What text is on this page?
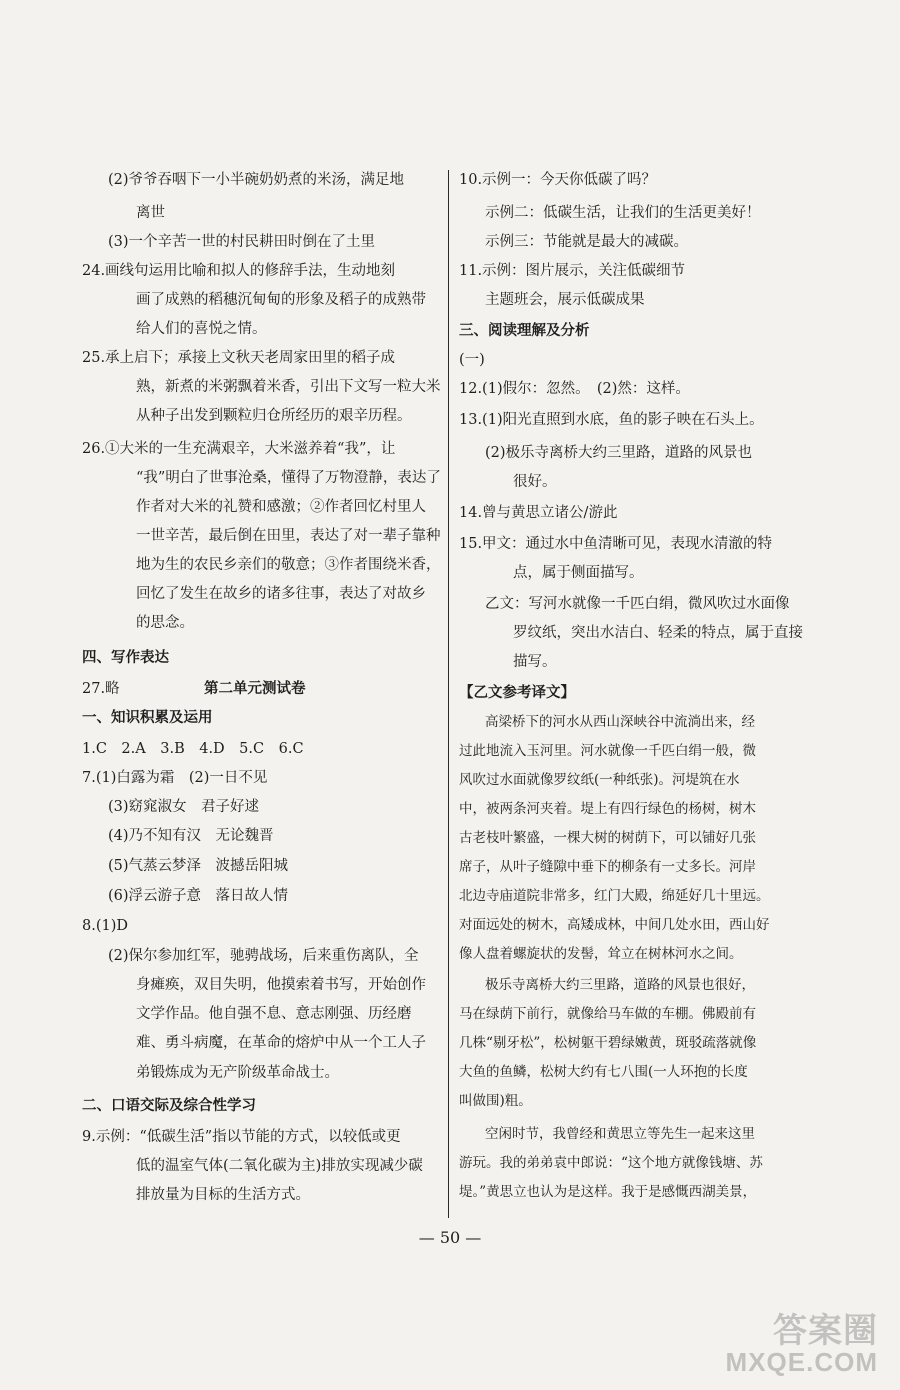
(2)爷爷吞咽下一小半碗奶奶煮的米汤，满足地
离世
(3)一个辛苦一世的村民耕田时倒在了土里
24.画线句运用比喻和拟人的修辞手法，生动地刻
画了成熟的稻穗沉甸甸的形象及稻子的成熟带
给人们的喜悦之情。
25.承上启下；承接上文秋天老周家田里的稻子成
熟，新煮的米粥飘着米香，引出下文写一粒大米
从种子出发到颗粒归仓所经历的艰辛历程。
26.①大米的一生充满艰辛，大米滋养着“我”，让
“我”明白了世事沧桑，懂得了万物澄静，表达了
作者对大米的礼赞和感激；②作者回忆村里人
一世辛苦，最后倒在田里，表达了对一辈子靠种
地为生的农民乡亲们的敬意；③作者围绕米香，
回忆了发生在故乡的诸多往事，表达了对故乡
的思念。
四、写作表达
27.略	第二单元测试卷
一、知识积累及运用
1.C　2.A　3.B　4.D　5.C　6.C
7.(1)白露为霜　(2)一日不见
(3)窈窕淑女　君子好逑
(4)乃不知有汉　无论魏晋
(5)气蒸云梦泽　波撼岳阳城
(6)浮云游子意　落日故人情
8.(1)D
(2)保尔参加红军，驰骋战场，后来重伤离队，全
身瘫痪，双目失明，他摸索着书写，开始创作
文学作品。他自强不息、意志刚强、历经磨
难、勇斗病魔，在革命的熔炉中从一个工人子
弟锻炼成为无产阶级革命战士。
二、口语交际及综合性学习
9.示例：“低碳生活”指以节能的方式，以较低或更
低的温室气体(二氧化碳为主)排放实现减少碳
排放量为目标的生活方式。
10.示例一：今天你低碳了吗？
示例二：低碳生活，让我们的生活更美好！
示例三：节能就是最大的减碳。
11.示例：图片展示，关注低碳细节
主题班会，展示低碳成果
三、阅读理解及分析
(一)
12.(1)假尔：忽然。　(2)然：这样。
13.(1)阳光直照到水底，鱼的影子映在石头上。
(2)极乐寺离桥大约三里路，道路的风景也
很好。
14.曾与黄思立诸公/游此
15.甲文：通过水中鱼清晰可见，表现水清澈的特
点，属于侧面描写。
乙文：写河水就像一千匹白绢，微风吹过水面像
罗纹纸，突出水洁白、轻柔的特点，属于直接
描写。
【乙文参考译文】
高梁桥下的河水从西山深峡谷中流淌出来，经
过此地流入玉河里。河水就像一千匹白绢一般，微
风吹过水面就像罗纹纸(一种纸张)。河堤筑在水
中，被两条河夹着。堤上有四行绿色的杨树，树木
古老枝叶繁盛，一棵大树的树荫下，可以铺好几张
席子，从叶子缝隙中垂下的柳条有一丈多长。河岸
北边寺庙道院非常多，红门大殿，绵延好几十里远。
对面远处的树木，高矮成林，中间几处水田，西山好
像人盘着螺旋状的发髻，耸立在树林河水之间。
极乐寺离桥大约三里路，道路的风景也很好，
马在绿荫下前行，就像给马车做的车棚。佛殿前有
几株“剔牙松”，松树躯干碧绿嫩黄，斑驳疏落就像
大鱼的鱼鳞，松树大约有七八围(一人环抱的长度
叫做围)粗。
空闲时节，我曾经和黄思立等先生一起来这里
游玩。我的弟弟袁中郎说：“这个地方就像钱塘、苏
堤。”黄思立也认为是这样。我于是感慨西湖美景，
— 50 —
答案圈
MXQE.COM
